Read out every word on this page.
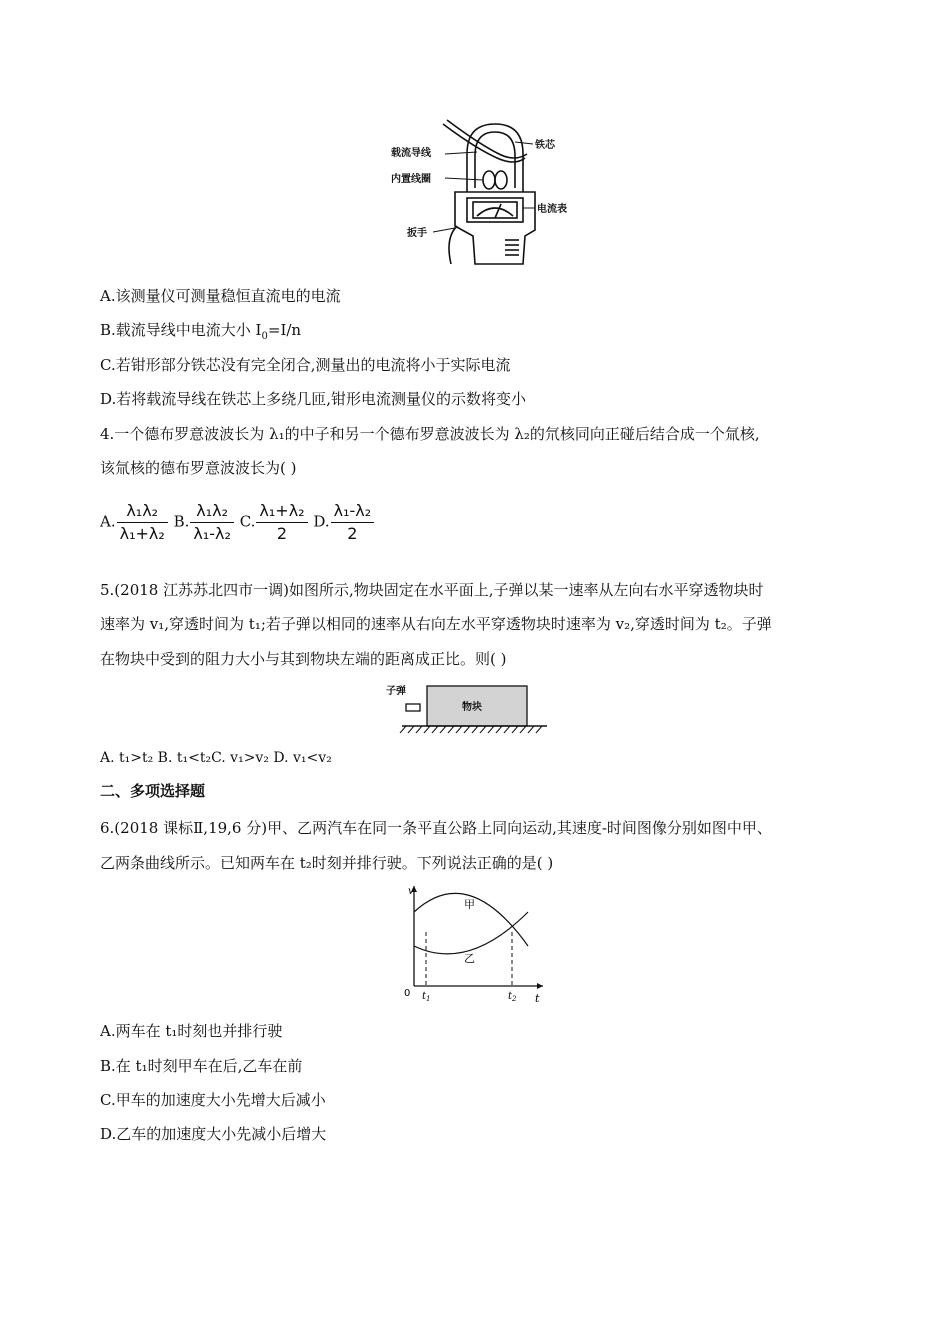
铁芯
载流导线
内置线圈
电流表
扳手
A.该测量仪可测量稳恒直流电的电流
B.载流导线中电流大小 $I_0=I/n$
C.若钳形部分铁芯没有完全闭合,测量出的电流将小于实际电流
D.若将载流导线在铁芯上多绕几匝,钳形电流测量仪的示数将变小
4.一个德布罗意波波长为 λ₁的中子和另一个德布罗意波波长为 λ₂的氘核同向正碰后结合成一个氚核,
该氚核的德布罗意波波长为( )
A. $\frac{\text{λ₁λ₂}}{\text{λ₁+λ₂}} B$. $\frac{\text{λ₁λ₂}}{\text{λ₁-λ₂}} C$. $\frac{\text{λ₁+λ₂}}{2} D$. $\frac{\text{λ₁-λ₂}}{2}$
5.(2018 江苏苏北四市一调)如图所示,物块固定在水平面上,子弹以某一速率从左向右水平穿透物块时
速率为 v₁,穿透时间为 t₁;若子弹以相同的速率从右向左水平穿透物块时速率为 v₂,穿透时间为 t₂。子弹
在物块中受到的阻力大小与其到物块左端的距离成正比。则( )
子弹
物块
A. t₁>t₂ B. t₁<t₂C. v₁>v₂ D. v₁<v₂
二、多项选择题
6.(2018 课标Ⅱ,19,6 分)甲、乙两汽车在同一条平直公路上同向运动,其速度-时间图像分别如图中甲、
乙两条曲线所示。已知两车在 t₂时刻并排行驶。下列说法正确的是( )
v
t
0 $t_1$	$t_2$
甲
乙
A.两车在 t₁时刻也并排行驶
B.在 t₁时刻甲车在后,乙车在前
C.甲车的加速度大小先增大后减小
D.乙车的加速度大小先减小后增大
